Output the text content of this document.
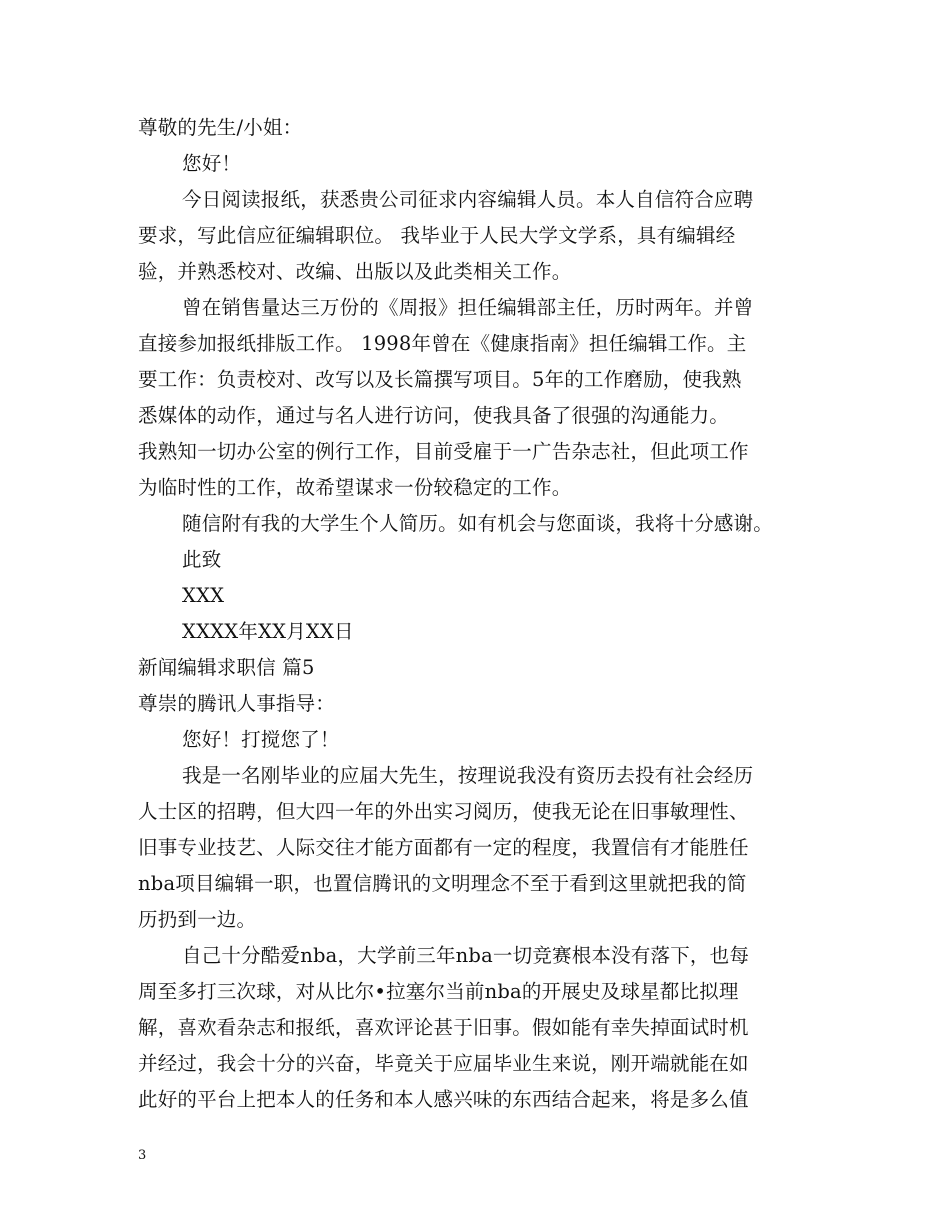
尊敬的先生/小姐：
您好！
今日阅读报纸，获悉贵公司征求内容编辑人员。本人自信符合应聘
要求，写此信应征编辑职位。 我毕业于人民大学文学系，具有编辑经
验，并熟悉校对、改编、出版以及此类相关工作。
曾在销售量达三万份的《周报》担任编辑部主任，历时两年。并曾
直接参加报纸排版工作。 1998年曾在《健康指南》担任编辑工作。主
要工作：负责校对、改写以及长篇撰写项目。5年的工作磨励，使我熟
悉媒体的动作，通过与名人进行访问，使我具备了很强的沟通能力。
我熟知一切办公室的例行工作，目前受雇于一广告杂志社，但此项工作
为临时性的工作，故希望谋求一份较稳定的工作。
随信附有我的大学生个人简历。如有机会与您面谈，我将十分感谢。
此致
XXX
XXXX年XX月XX日
新闻编辑求职信 篇5
尊崇的腾讯人事指导：
您好！打搅您了！
我是一名刚毕业的应届大先生，按理说我没有资历去投有社会经历
人士区的招聘，但大四一年的外出实习阅历，使我无论在旧事敏理性、
旧事专业技艺、人际交往才能方面都有一定的程度，我置信有才能胜任
nba项目编辑一职，也置信腾讯的文明理念不至于看到这里就把我的简
历扔到一边。
自己十分酷爱nba，大学前三年nba一切竞赛根本没有落下，也每
周至多打三次球，对从比尔•拉塞尔当前nba的开展史及球星都比拟理
解，喜欢看杂志和报纸，喜欢评论甚于旧事。假如能有幸失掉面试时机
并经过，我会十分的兴奋，毕竟关于应届毕业生来说，刚开端就能在如
此好的平台上把本人的任务和本人感兴味的东西结合起来，将是多么值
3
